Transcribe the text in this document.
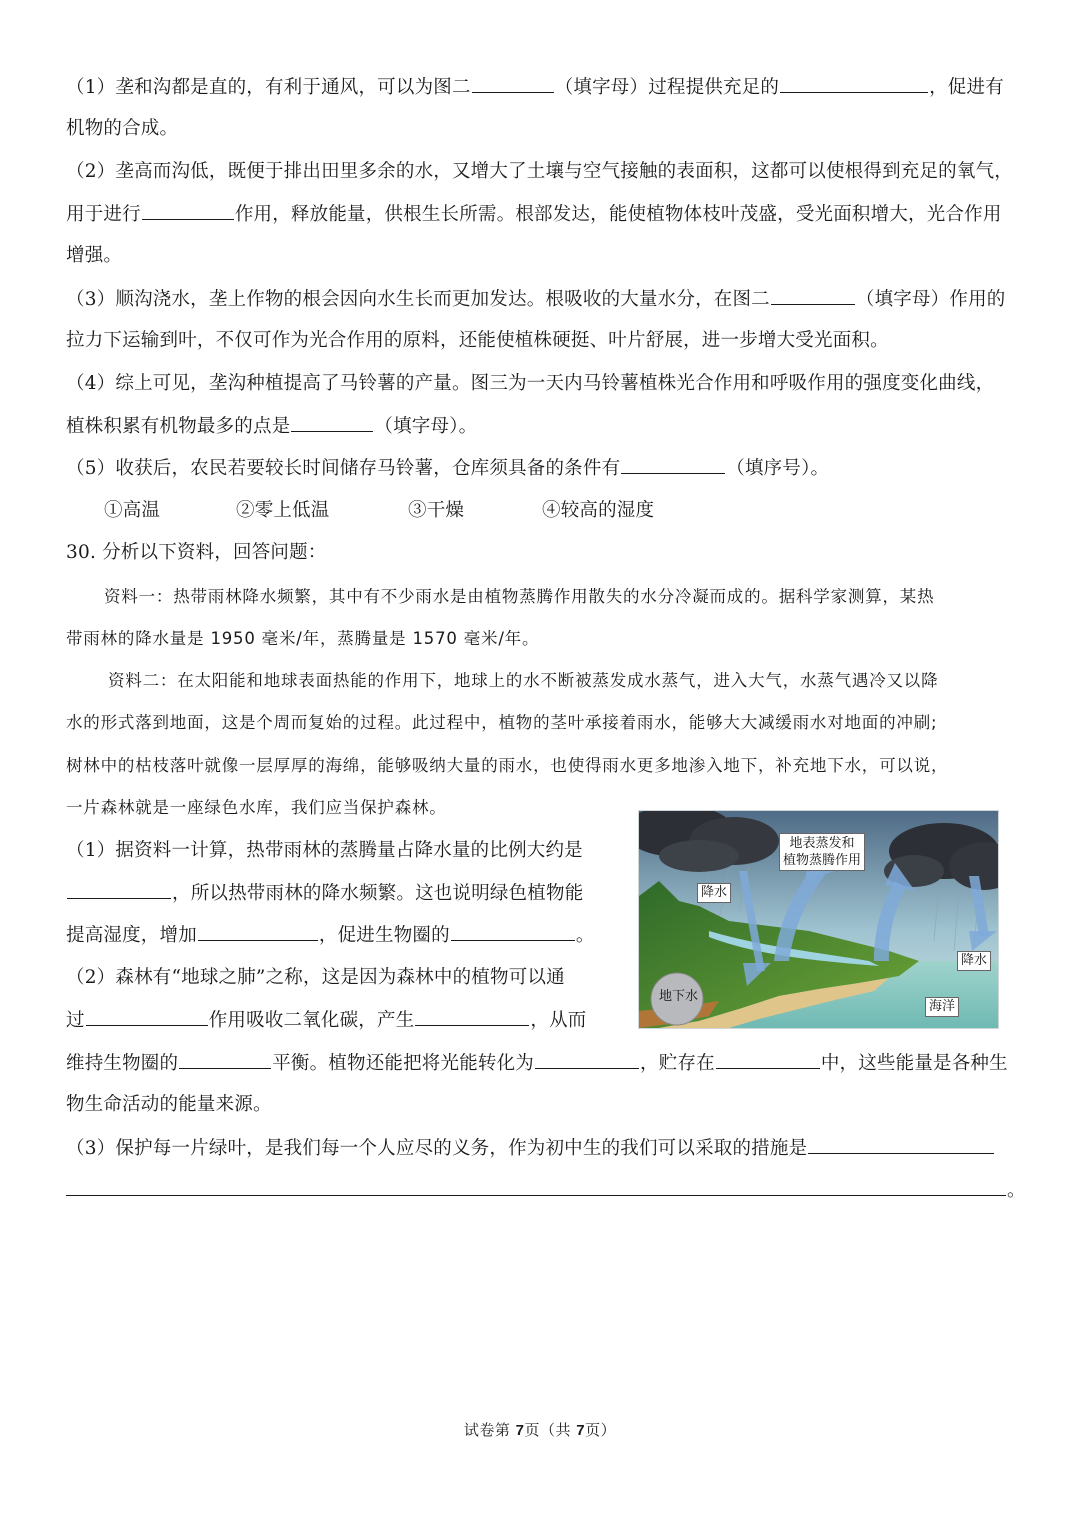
（1）垄和沟都是直的，有利于通风，可以为图二	（填字母）过程提供充足的	，促进有
机物的合成。
（2）垄高而沟低，既便于排出田里多余的水，又增大了土壤与空气接触的表面积，这都可以使根得到充足的氧气，
用于进行	作用，释放能量，供根生长所需。根部发达，能使植物体枝叶茂盛，受光面积增大，光合作用
增强。
（3）顺沟浇水，垄上作物的根会因向水生长而更加发达。根吸收的大量水分，在图二	（填字母）作用的
拉力下运输到叶，不仅可作为光合作用的原料，还能使植株硬挺、叶片舒展，进一步增大受光面积。
（4）综上可见，垄沟种植提高了马铃薯的产量。图三为一天内马铃薯植株光合作用和呼吸作用的强度变化曲线，
植株积累有机物最多的点是	（填字母）。
（5）收获后，农民若要较长时间储存马铃薯，仓库须具备的条件有	（填序号）。
①高温	②零上低温	③干燥	④较高的湿度
30. 分析以下资料，回答问题：
资料一：热带雨林降水频繁，其中有不少雨水是由植物蒸腾作用散失的水分冷凝而成的。据科学家测算，某热
带雨林的降水量是 1950 毫米/年，蒸腾量是 1570 毫米/年。
资料二：在太阳能和地球表面热能的作用下，地球上的水不断被蒸发成水蒸气，进入大气，水蒸气遇冷又以降
水的形式落到地面，这是个周而复始的过程。此过程中，植物的茎叶承接着雨水，能够大大减缓雨水对地面的冲刷;
树林中的枯枝落叶就像一层厚厚的海绵，能够吸纳大量的雨水，也使得雨水更多地渗入地下，补充地下水，可以说，
一片森林就是一座绿色水库，我们应当保护森林。
（1）据资料一计算，热带雨林的蒸腾量占降水量的比例大约是
，所以热带雨林的降水频繁。这也说明绿色植物能
提高湿度，增加	，促进生物圈的	。
（2）森林有“地球之肺”之称，这是因为森林中的植物可以通
过	作用吸收二氧化碳，产生	，从而
维持生物圈的	平衡。植物还能把将光能转化为	，贮存在	中，这些能量是各种生
物生命活动的能量来源。
（3）保护每一片绿叶，是我们每一个人应尽的义务，作为初中生的我们可以采取的措施是
。
地表蒸发和
植物蒸腾作用
降水
降水
地下水
海洋
试卷第 7页（共 7页）
